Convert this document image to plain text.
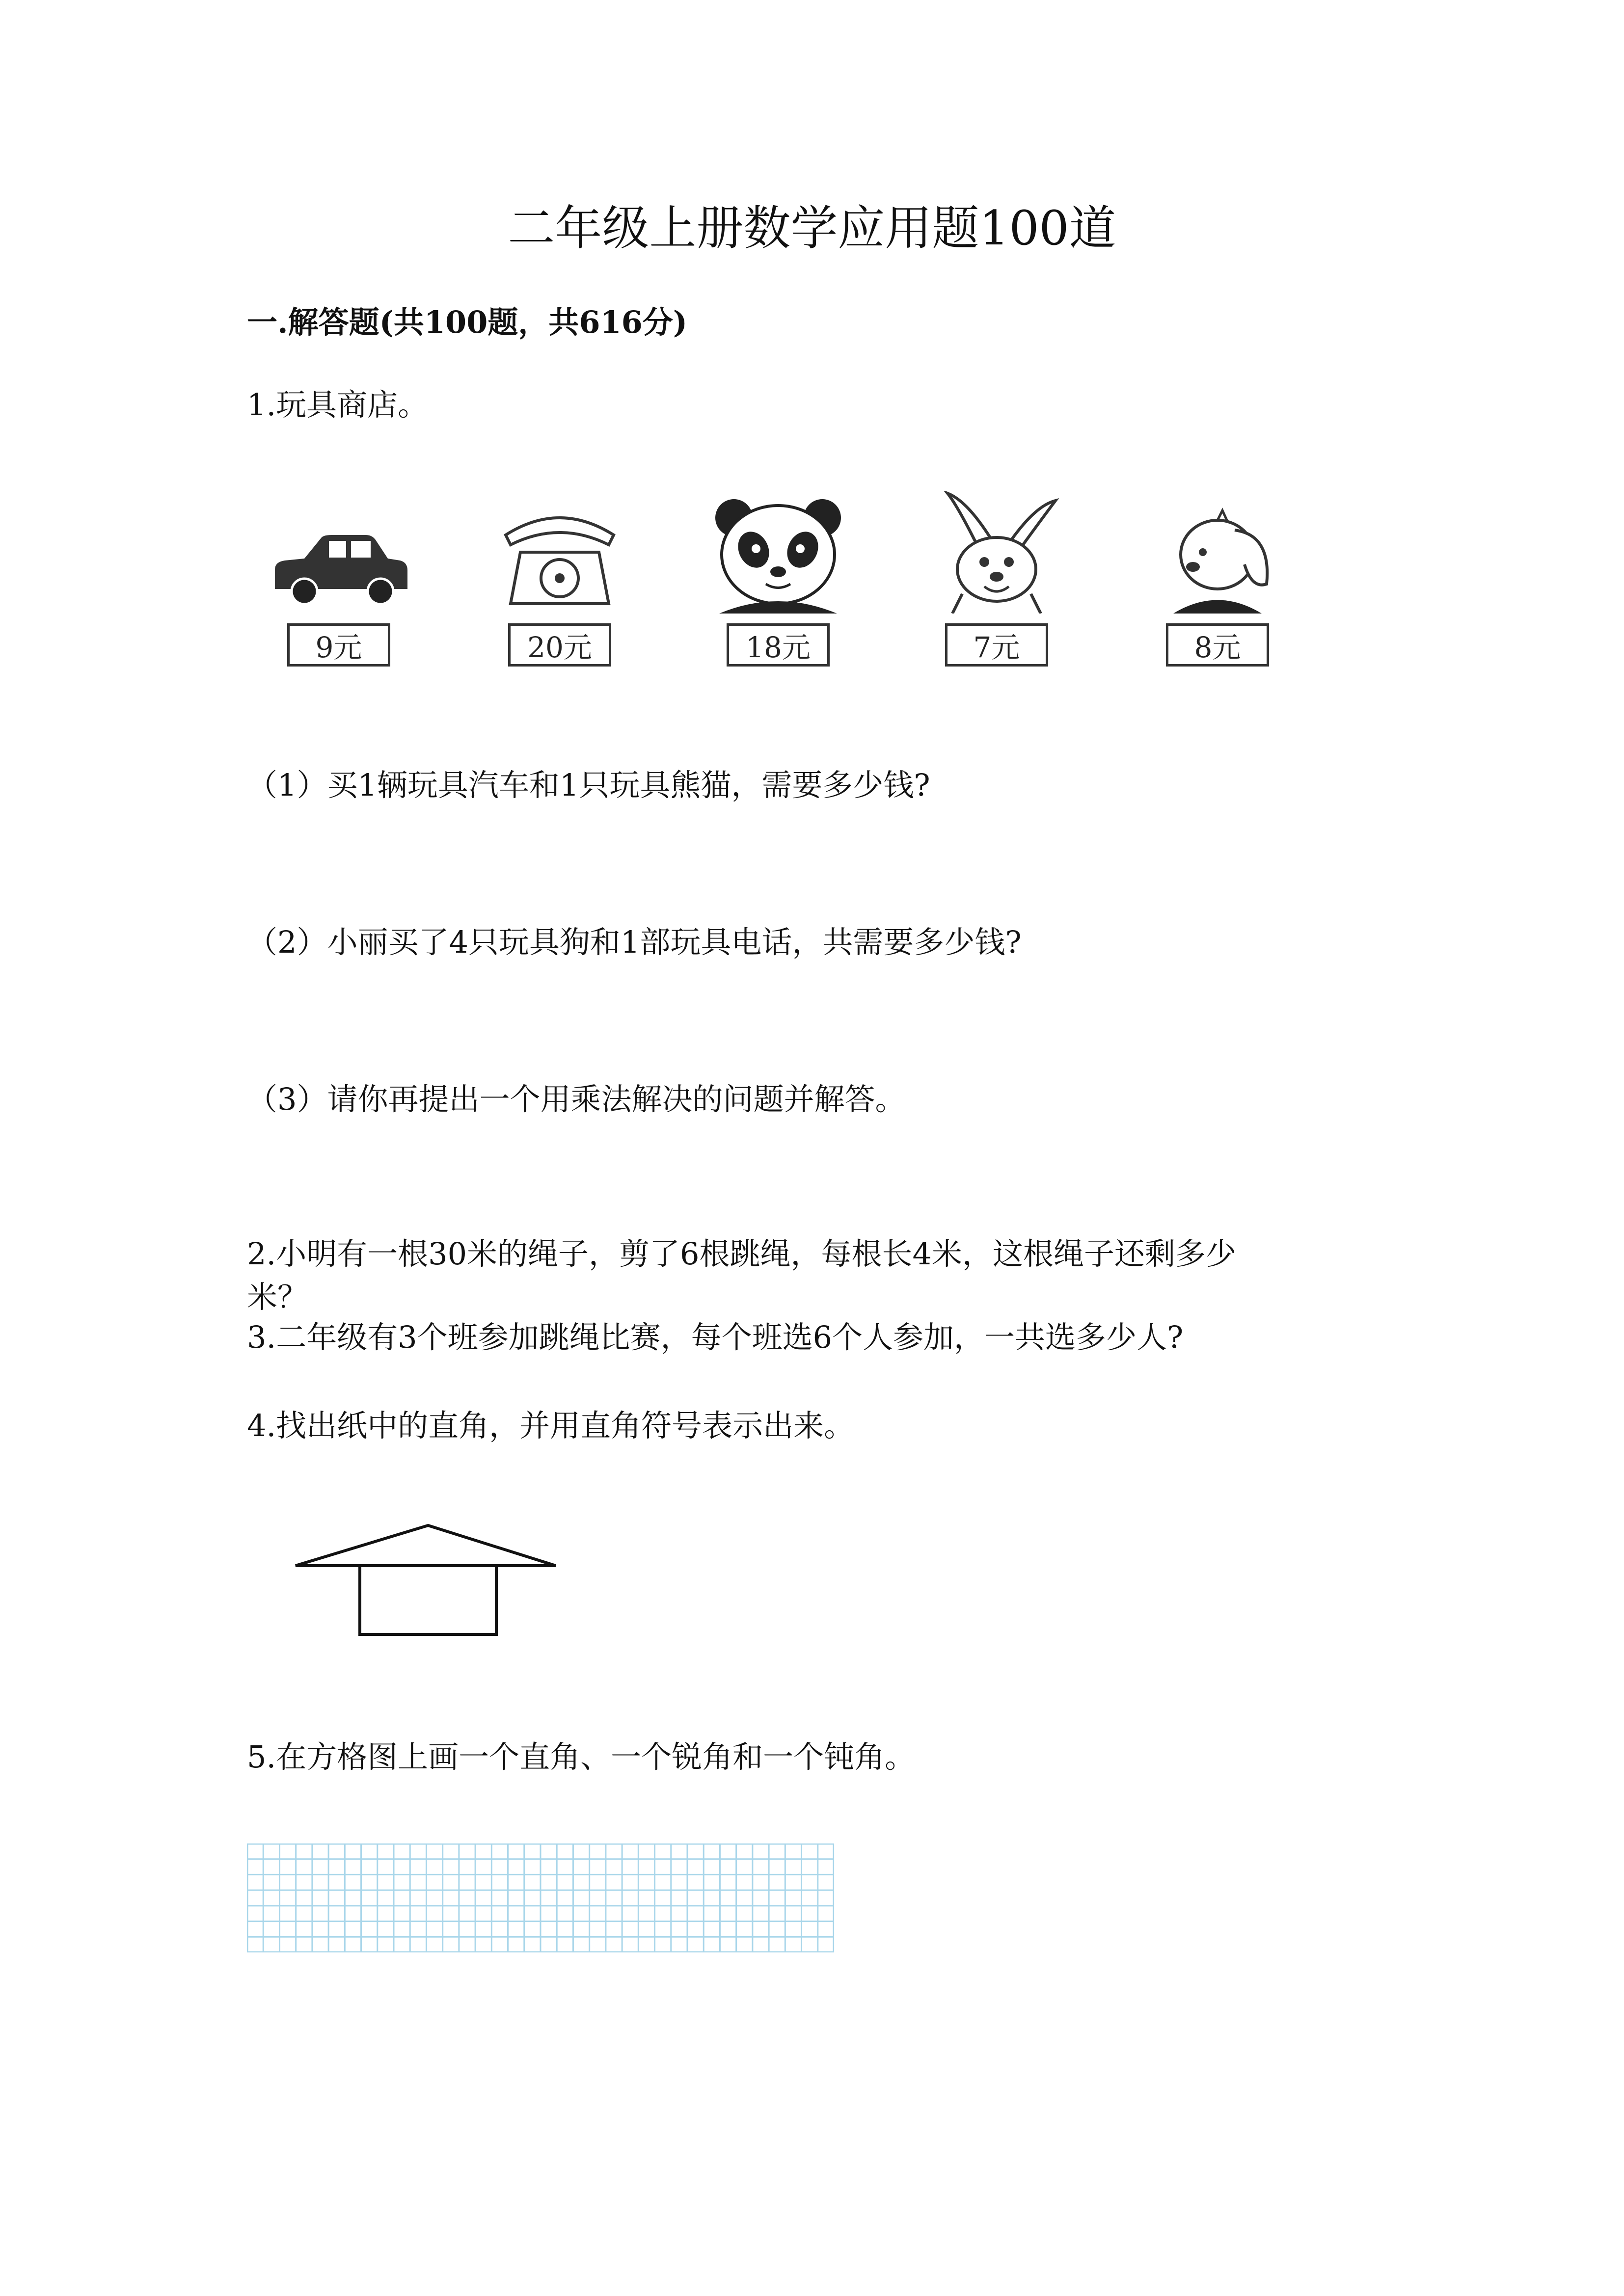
二年级上册数学应用题100道
一.解答题(共100题，共616分)
1.玩具商店。
9元	20元	18元	7元	8元
（1）买1辆玩具汽车和1只玩具熊猫，需要多少钱?
（2）小丽买了4只玩具狗和1部玩具电话，共需要多少钱?
（3）请你再提出一个用乘法解决的问题并解答。
2.小明有一根30米的绳子，剪了6根跳绳，每根长4米，这根绳子还剩多少
米？
3.二年级有3个班参加跳绳比赛，每个班选6个人参加，一共选多少人?
4.找出纸中的直角，并用直角符号表示出来。
5.在方格图上画一个直角、一个锐角和一个钝角。
